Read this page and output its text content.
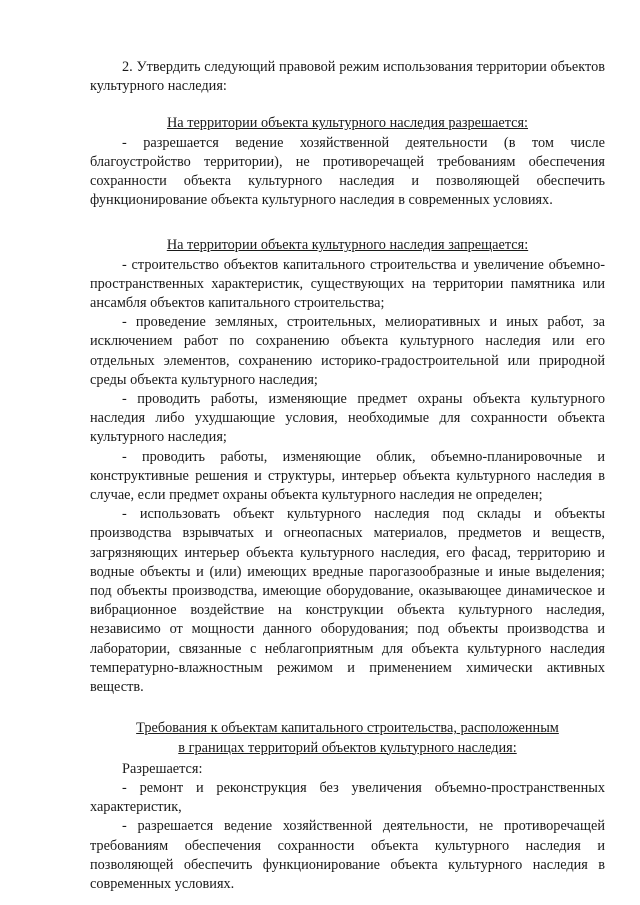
2. Утвердить следующий правовой режим использования территории объектов культурного наследия:

На территории объекта культурного наследия разрешается:

- разрешается ведение хозяйственной деятельности (в том числе благоустройство территории), не противоречащей требованиям обеспечения сохранности объекта культурного наследия и позволяющей обеспечить функционирование объекта культурного наследия в современных условиях.

На территории объекта культурного наследия запрещается:

- строительство объектов капитального строительства и увеличение объемно-пространственных характеристик, существующих на территории памятника или ансамбля объектов капитального строительства;

- проведение земляных, строительных, мелиоративных и иных работ, за исключением работ по сохранению объекта культурного наследия или его отдельных элементов, сохранению историко-градостроительной или природной среды объекта культурного наследия;

- проводить работы, изменяющие предмет охраны объекта культурного наследия либо ухудшающие условия, необходимые для сохранности объекта культурного наследия;

- проводить работы, изменяющие облик, объемно-планировочные и конструктивные решения и структуры, интерьер объекта культурного наследия в случае, если предмет охраны объекта культурного наследия не определен;

- использовать объект культурного наследия под склады и объекты производства взрывчатых и огнеопасных материалов, предметов и веществ, загрязняющих интерьер объекта культурного наследия, его фасад, территорию и водные объекты и (или) имеющих вредные парогазообразные и иные выделения; под объекты производства, имеющие оборудование, оказывающее динамическое и вибрационное воздействие на конструкции объекта культурного наследия, независимо от мощности данного оборудования; под объекты производства и лаборатории, связанные с неблагоприятным для объекта культурного наследия температурно-влажностным режимом и применением химически активных веществ.

Требования к объектам капитального строительства, расположенным
в границах территорий объектов культурного наследия:

Разрешается:

- ремонт и реконструкция без увеличения объемно-пространственных характеристик,

- разрешается ведение хозяйственной деятельности, не противоречащей требованиям обеспечения сохранности объекта культурного наследия и позволяющей обеспечить функционирование объекта культурного наследия в современных условиях.
